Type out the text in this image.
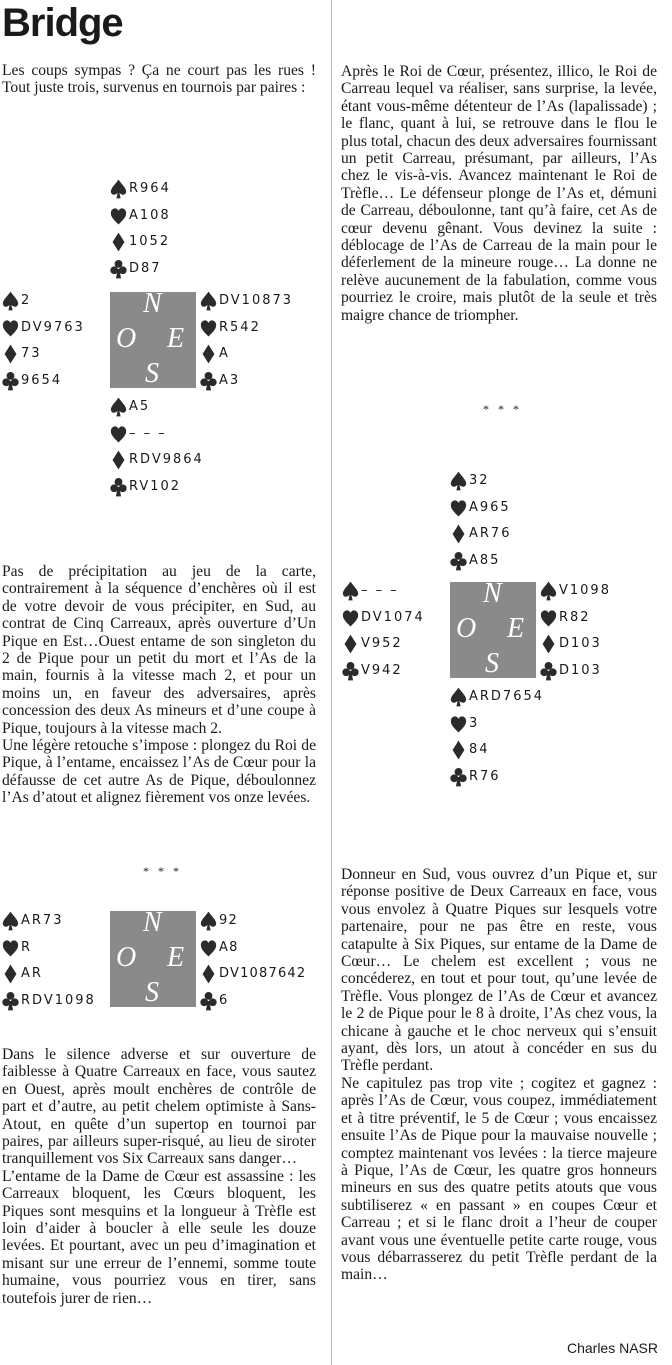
Bridge

Les coups sympas ? Ça ne court pas les rues ! Tout juste trois, survenus en tournois par paires :

R964
A108
1052
D87
2
DV9763
73
9654
N
O E
S
DV10873
R542
A
A3
A5
– – –
RDV9864
RV102

Pas de précipitation au jeu de la carte, contrairement à la séquence d’enchères où il est de votre devoir de vous précipiter, en Sud, au contrat de Cinq Carreaux, après ouverture d’Un Pique en Est…Ouest entame de son singleton du 2 de Pique pour un petit du mort et l’As de la main, fournis à la vitesse mach 2, et pour un moins un, en faveur des adversaires, après concession des deux As mineurs et d’une coupe à Pique, toujours à la vitesse mach 2.

Une légère retouche s’impose : plongez du Roi de Pique, à l’entame, encaissez l’As de Cœur pour la défausse de cet autre As de Pique, déboulonnez l’As d’atout et alignez fièrement vos onze levées.

* * *
AR73
R
AR
RDV1098
N
O E
S
92
A8
DV1087642
6

Dans le silence adverse et sur ouverture de faiblesse à Quatre Carreaux en face, vous sautez en Ouest, après moult enchères de contrôle de part et d’autre, au petit chelem optimiste à Sans-Atout, en quête d’un supertop en tournoi par paires, par ailleurs super-risqué, au lieu de siroter tranquillement vos Six Carreaux sans danger…

L’entame de la Dame de Cœur est assassine : les Carreaux bloquent, les Cœurs bloquent, les Piques sont mesquins et la longueur à Trèfle est loin d’aider à boucler à elle seule les douze levées. Et pourtant, avec un peu d’imagination et misant sur une erreur de l’ennemi, somme toute humaine, vous pourriez vous en tirer, sans toutefois jurer de rien…

Après le Roi de Cœur, présentez, illico, le Roi de Carreau lequel va réaliser, sans surprise, la levée, étant vous-même détenteur de l’As (lapalissade) ; le flanc, quant à lui, se retrouve dans le flou le plus total, chacun des deux adversaires fournissant un petit Carreau, présumant, par ailleurs, l’As chez le vis-à-vis. Avancez maintenant le Roi de Trèfle… Le défenseur plonge de l’As et, démuni de Carreau, déboulonne, tant qu’à faire, cet As de cœur devenu gênant. Vous devinez la suite : déblocage de l’As de Carreau de la main pour le déferlement de la mineure rouge… La donne ne relève aucunement de la fabulation, comme vous pourriez le croire, mais plutôt de la seule et très maigre chance de triompher.

* * *
32
A965
AR76
A85
– – –
DV1074
V952
V942
N
O E
S
V1098
R82
D103
D103
ARD7654
3
84
R76

Donneur en Sud, vous ouvrez d’un Pique et, sur réponse positive de Deux Carreaux en face, vous vous envolez à Quatre Piques sur lesquels votre partenaire, pour ne pas être en reste, vous catapulte à Six Piques, sur entame de la Dame de Cœur… Le chelem est excellent ; vous ne concéderez, en tout et pour tout, qu’une levée de Trèfle. Vous plongez de l’As de Cœur et avancez le 2 de Pique pour le 8 à droite, l’As chez vous, la chicane à gauche et le choc nerveux qui s’ensuit ayant, dès lors, un atout à concéder en sus du Trèfle perdant.

Ne capitulez pas trop vite ; cogitez et gagnez : après l’As de Cœur, vous coupez, immédiatement et à titre préventif, le 5 de Cœur ; vous encaissez ensuite l’As de Pique pour la mauvaise nouvelle ; comptez maintenant vos levées : la tierce majeure à Pique, l’As de Cœur, les quatre gros honneurs mineurs en sus des quatre petits atouts que vous subtiliserez « en passant » en coupes Cœur et Carreau ; et si le flanc droit a l’heur de couper avant vous une éventuelle petite carte rouge, vous vous débarrasserez du petit Trèfle perdant de la main…

Charles NASR
